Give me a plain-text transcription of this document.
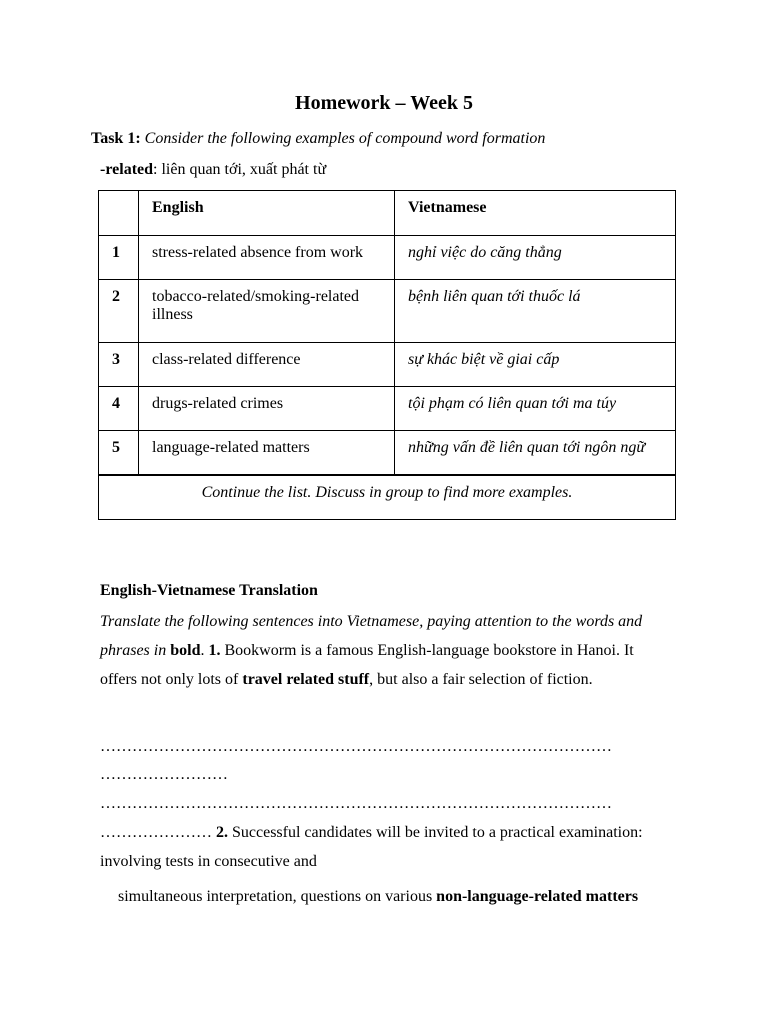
Homework – Week 5
Task 1: Consider the following examples of compound word formation
-related: liên quan tới, xuất phát từ
	English	Vietnamese
1	stress-related absence from work	nghỉ việc do căng thẳng
2	tobacco-related/smoking-related illness	bệnh liên quan tới thuốc lá
3	class-related difference	sự khác biệt về giai cấp
4	drugs-related crimes	tội phạm có liên quan tới ma túy
5	language-related matters	những vấn đề liên quan tới ngôn ngữ
Continue the list. Discuss in group to find more examples.		
English-Vietnamese Translation
Translate the following sentences into Vietnamese, paying attention to the words and phrases in bold. 1. Bookworm is a famous English-language bookstore in Hanoi. It offers not only lots of travel related stuff, but also a fair selection of fiction.
……………………………………………………………………………………
……………………
……………………………………………………………………………………
………………… 2. Successful candidates will be invited to a practical examination: involving tests in consecutive and
simultaneous interpretation, questions on various non-language-related matters
